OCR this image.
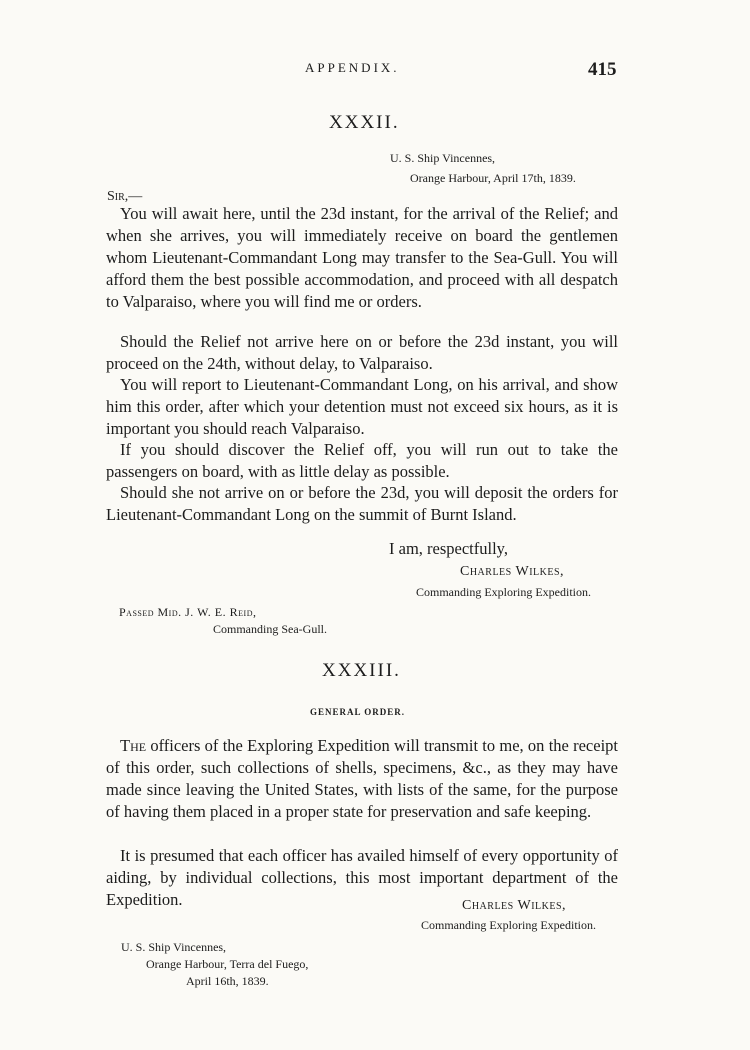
APPENDIX.	415
XXXII.
U. S. Ship Vincennes,
Orange Harbour, April 17th, 1839.
Sir,—

You will await here, until the 23d instant, for the arrival of the Relief; and when she arrives, you will immediately receive on board the gentlemen whom Lieutenant-Commandant Long may transfer to the Sea-Gull. You will afford them the best possible accommodation, and proceed with all despatch to Valparaiso, where you will find me or orders.

Should the Relief not arrive here on or before the 23d instant, you will proceed on the 24th, without delay, to Valparaiso.

You will report to Lieutenant-Commandant Long, on his arrival, and show him this order, after which your detention must not exceed six hours, as it is important you should reach Valparaiso.

If you should discover the Relief off, you will run out to take the passengers on board, with as little delay as possible.

Should she not arrive on or before the 23d, you will deposit the orders for Lieutenant-Commandant Long on the summit of Burnt Island.

I am, respectfully,
Charles Wilkes,
Commanding Exploring Expedition.
Passed Mid. J. W. E. Reid,
Commanding Sea-Gull.
XXXIII.
GENERAL ORDER.

The officers of the Exploring Expedition will transmit to me, on the receipt of this order, such collections of shells, specimens, &c., as they may have made since leaving the United States, with lists of the same, for the purpose of having them placed in a proper state for preservation and safe keeping.

It is presumed that each officer has availed himself of every opportunity of aiding, by individual collections, this most important department of the Expedition.	Charles Wilkes,
Commanding Exploring Expedition.
U. S. Ship Vincennes,
Orange Harbour, Terra del Fuego,
April 16th, 1839.
